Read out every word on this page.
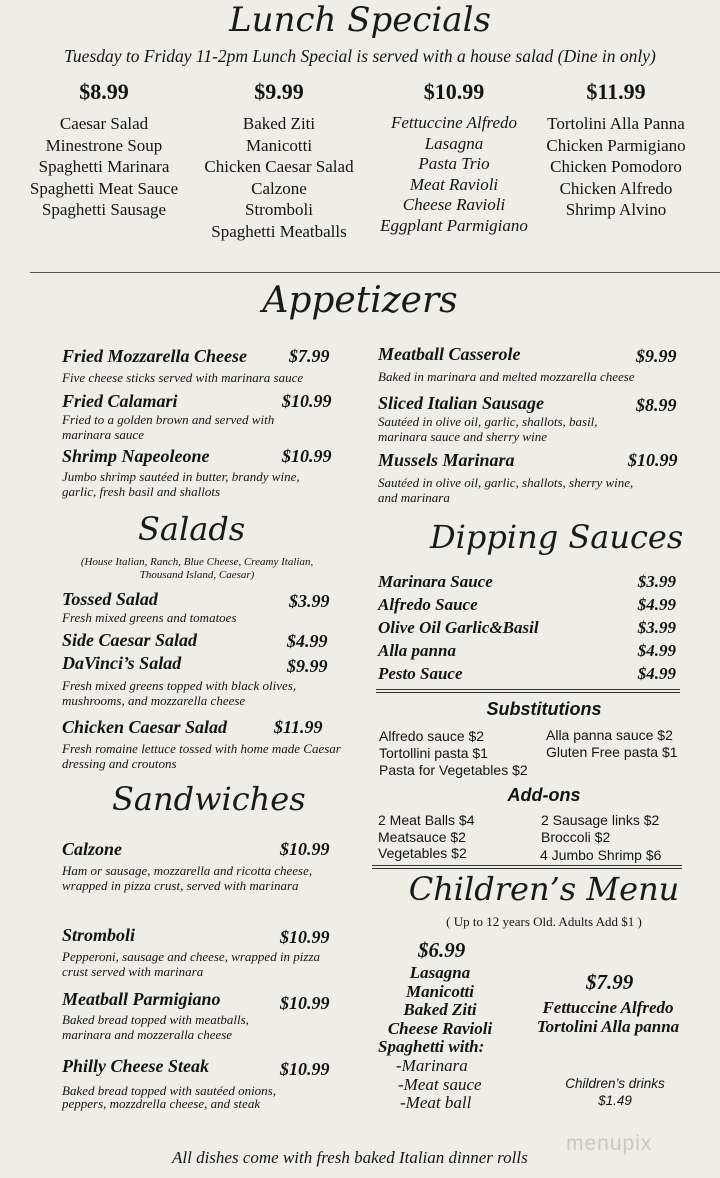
Lunch Specials
Tuesday to Friday 11-2pm Lunch Special is served with a house salad (Dine in only)
$8.99
Caesar Salad
Minestrone Soup
Spaghetti Marinara
Spaghetti Meat Sauce
Spaghetti Sausage
$9.99
Baked Ziti
Manicotti
Chicken Caesar Salad
Calzone
Stromboli
Spaghetti Meatballs
$10.99
Fettuccine Alfredo
Lasagna
Pasta Trio
Meat Ravioli
Cheese Ravioli
Eggplant Parmigiano
$11.99
Tortolini Alla Panna
Chicken Parmigiano
Chicken Pomodoro
Chicken Alfredo
Shrimp Alvino
Appetizers
Fried Mozzarella Cheese $7.99
Five cheese sticks served with marinara sauce
Fried Calamari	$10.99
Fried to a golden brown and served with marinara sauce
Shrimp Napeoleone	$10.99
Jumbo shrimp sautéed in butter, brandy wine, garlic, fresh basil and shallots
Meatball Casserole	$9.99
Baked in marinara and melted mozzarella cheese
Sliced Italian Sausage	$8.99
Sautéed in olive oil, garlic, shallots, basil, marinara sauce and sherry wine
Mussels Marinara	$10.99
Sautéed in olive oil, garlic, shallots, sherry wine, and marinara
Salads
(House Italian, Ranch, Blue Cheese, Creamy Italian, Thousand Island, Caesar)
Tossed Salad	$3.99
Fresh mixed greens and tomatoes
Side Caesar Salad	$4.99
DaVinci’s Salad	$9.99
Fresh mixed greens topped with black olives, mushrooms, and mozzarella cheese
Chicken Caesar Salad	$11.99
Fresh romaine lettuce tossed with home made Caesar dressing and croutons
Sandwiches
Calzone	$10.99
Ham or sausage, mozzarella and ricotta cheese, wrapped in pizza crust, served with marinara
Stromboli	$10.99
Pepperoni, sausage and cheese, wrapped in pizza crust served with marinara
Meatball Parmigiano	$10.99
Baked bread topped with meatballs, marinara and mozzeralla cheese
Philly Cheese Steak	$10.99
Baked bread topped with sautéed onions, peppers, mozzdrella cheese, and steak
Dipping Sauces
Marinara Sauce	$3.99
Alfredo Sauce	$4.99
Olive Oil Garlic&Basil	$3.99
Alla panna	$4.99
Pesto Sauce	$4.99
Substitutions
Alfredo sauce $2
Tortollini pasta $1
Pasta for Vegetables $2
Alla panna sauce $2
Gluten Free pasta $1
Add-ons
2 Meat Balls $4
Meatsauce $2
Vegetables $2
2 Sausage links $2
Broccoli $2
4 Jumbo Shrimp $6
Children’s Menu
( Up to 12 years Old. Adults Add $1 )
$6.99
Lasagna
Manicotti
Baked Ziti
Cheese Ravioli
Spaghetti with:
-Marinara
-Meat sauce
-Meat ball
$7.99
Fettuccine Alfredo
Tortolini Alla panna
Children’s drinks
$1.49
All dishes come with fresh baked Italian dinner rolls
menupix
